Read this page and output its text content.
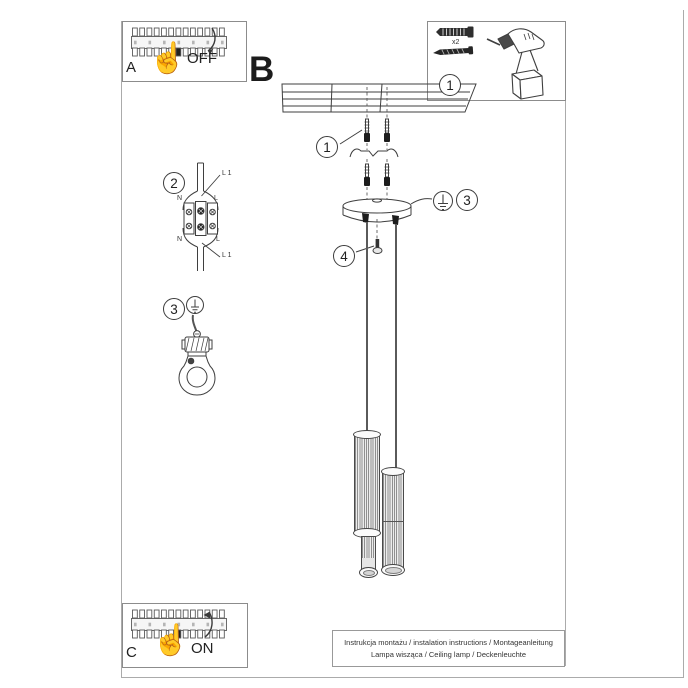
☝ OFF
A	B
x2
1
1
3
4
2
N	L
N	L
L 1
L 1
3
☝ ON
C
Instrukcja montażu / instalation instructions / Montageanleitung
Lampa wisząca / Ceiling lamp / Deckenleuchte
